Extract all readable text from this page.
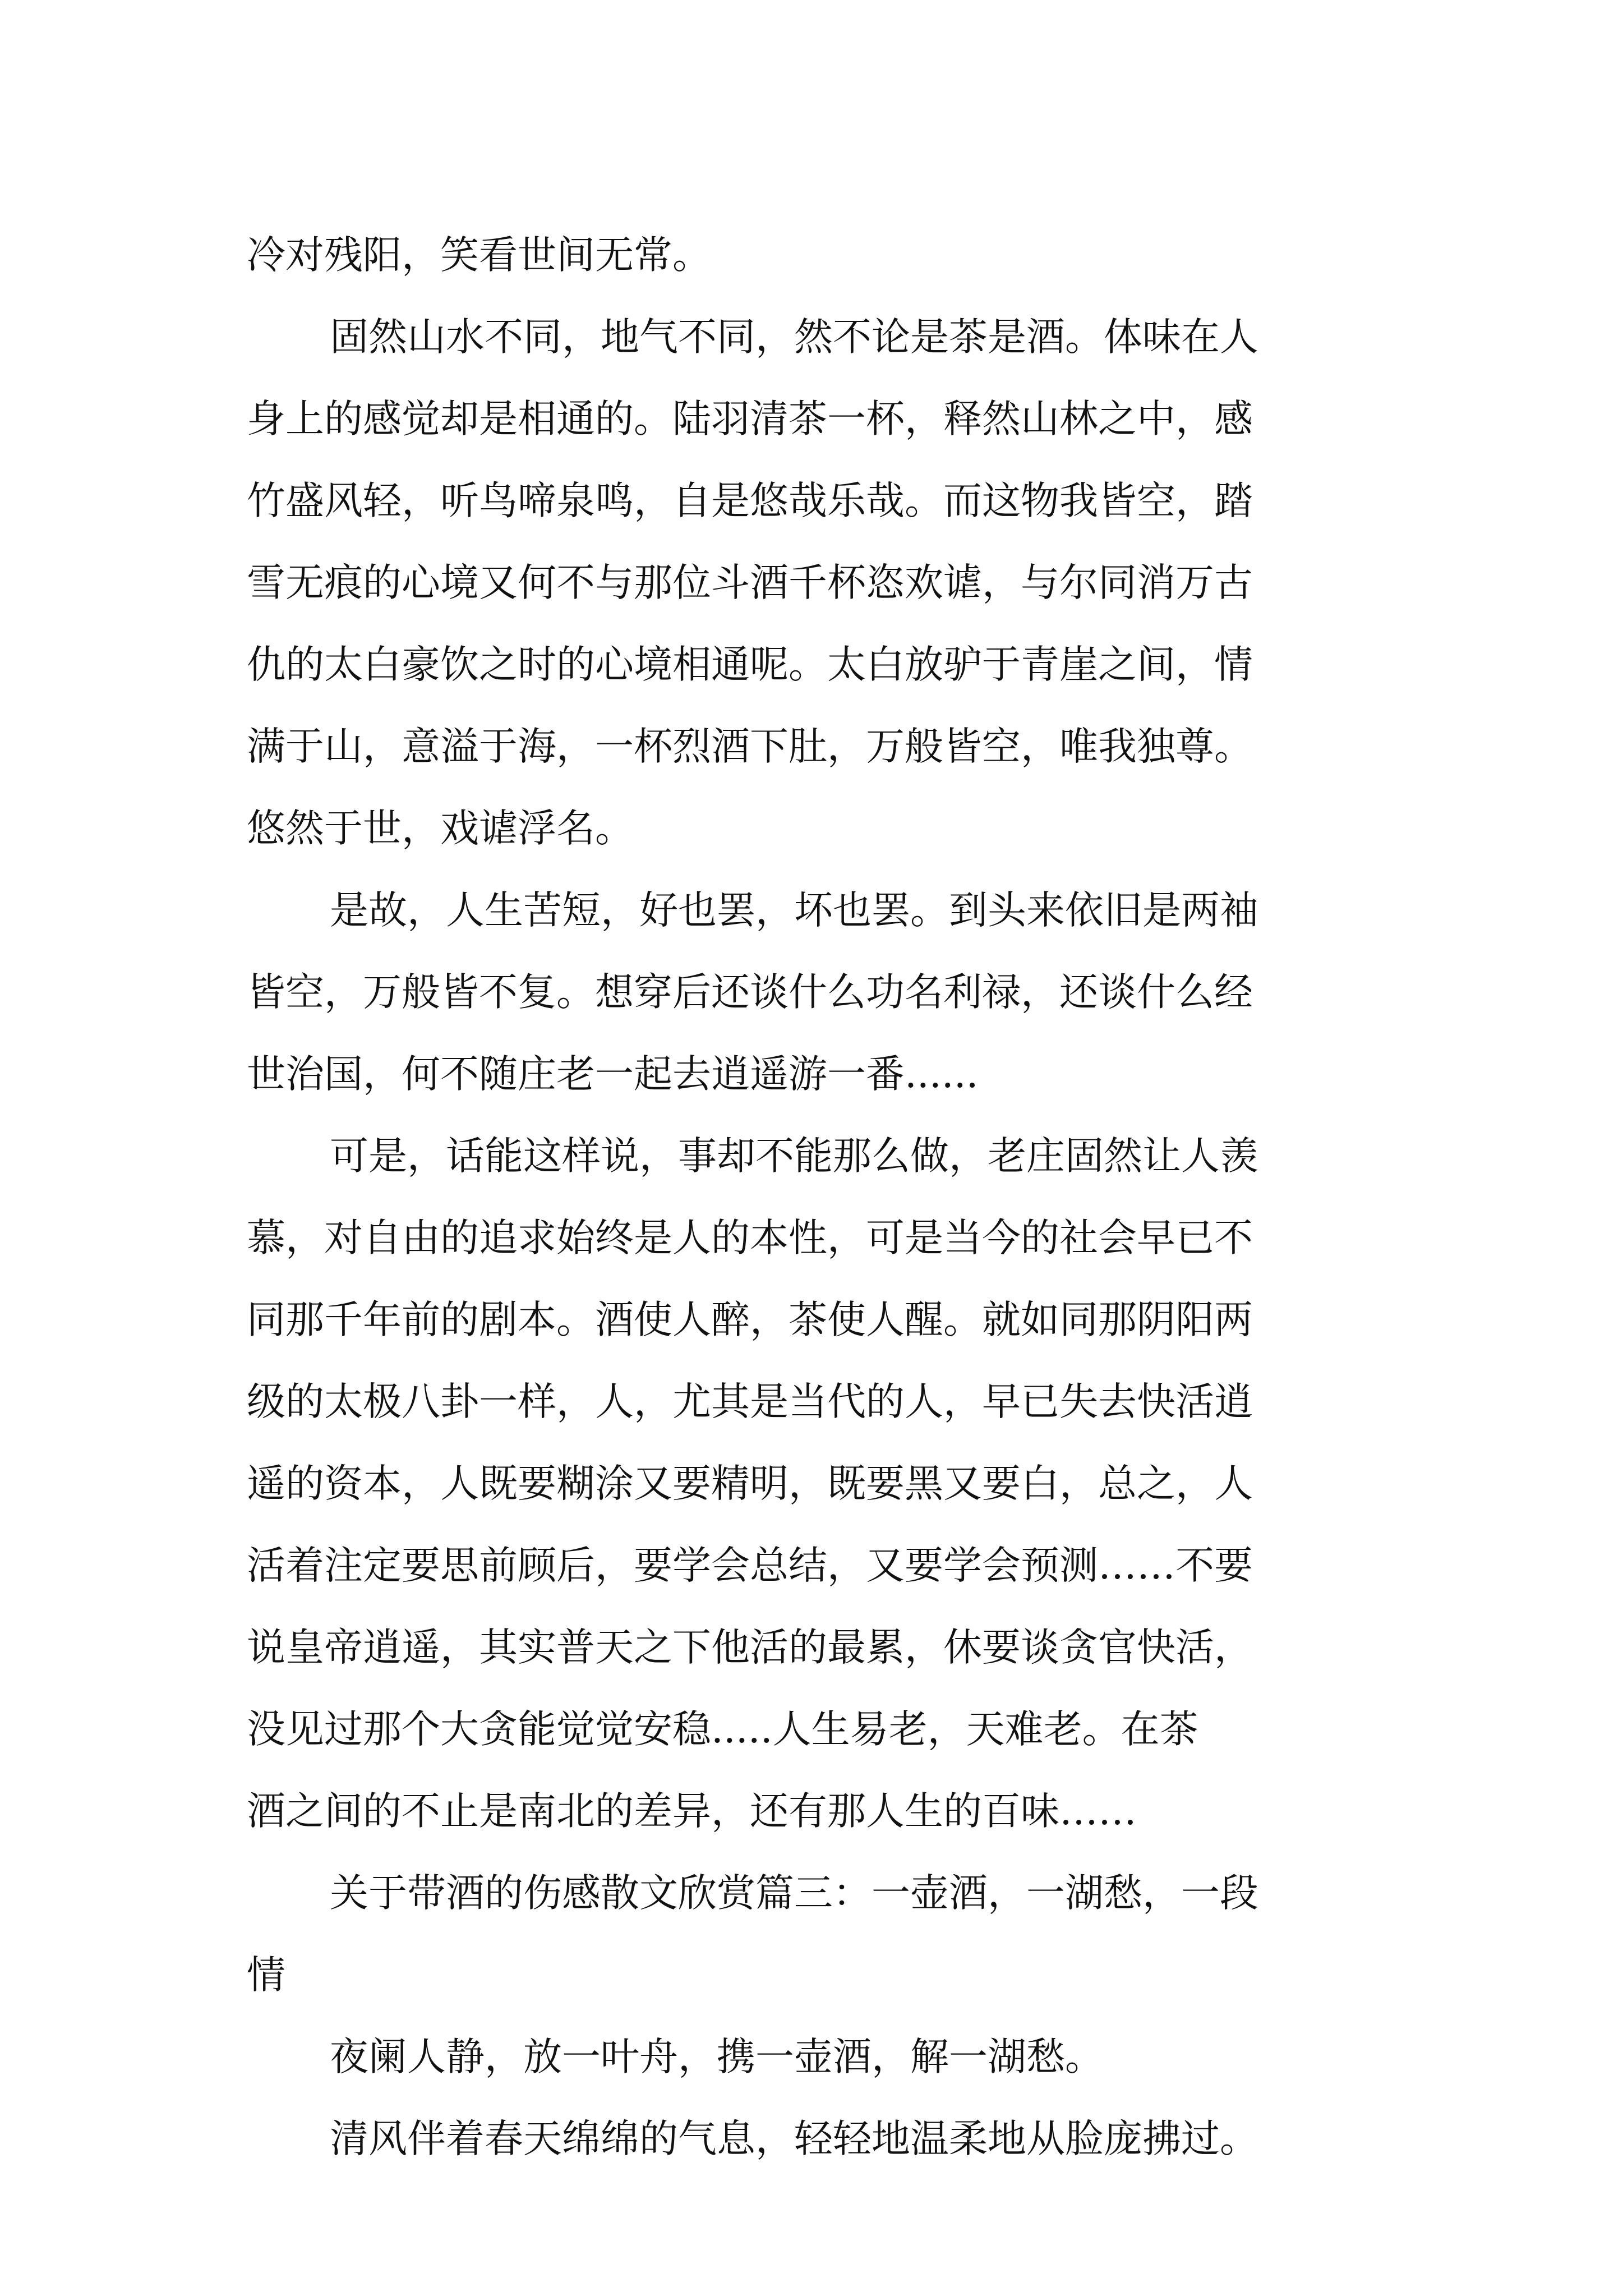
冷对残阳，笑看世间无常。
固然山水不同，地气不同，然不论是茶是酒。体味在人
身上的感觉却是相通的。陆羽清茶一杯，释然山林之中，感
竹盛风轻，听鸟啼泉鸣，自是悠哉乐哉。而这物我皆空，踏
雪无痕的心境又何不与那位斗酒千杯恣欢谑，与尔同消万古
仇的太白豪饮之时的心境相通呢。太白放驴于青崖之间，情
满于山，意溢于海，一杯烈酒下肚，万般皆空，唯我独尊。
悠然于世，戏谑浮名。
是故，人生苦短，好也罢，坏也罢。到头来依旧是两袖
皆空，万般皆不复。想穿后还谈什么功名利禄，还谈什么经
世治国，何不随庄老一起去逍遥游一番......
可是，话能这样说，事却不能那么做，老庄固然让人羡
慕，对自由的追求始终是人的本性，可是当今的社会早已不
同那千年前的剧本。酒使人醉，茶使人醒。就如同那阴阳两
级的太极八卦一样，人，尤其是当代的人，早已失去快活逍
遥的资本，人既要糊涂又要精明，既要黑又要白，总之，人
活着注定要思前顾后，要学会总结，又要学会预测……不要
说皇帝逍遥，其实普天之下他活的最累，休要谈贪官快活，
没见过那个大贪能觉觉安稳.....人生易老，天难老。在茶
酒之间的不止是南北的差异，还有那人生的百味……
关于带酒的伤感散文欣赏篇三：一壶酒，一湖愁，一段
情
夜阑人静，放一叶舟，携一壶酒，解一湖愁。
清风伴着春天绵绵的气息，轻轻地温柔地从脸庞拂过。
